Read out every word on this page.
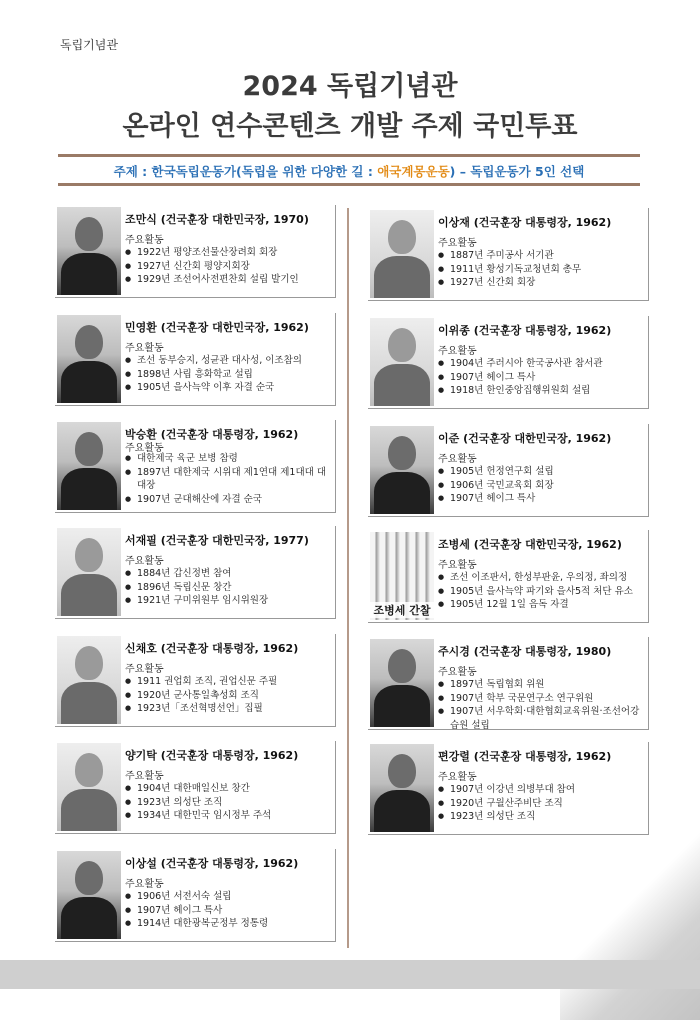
독립기념관
2024 독립기념관
온라인 연수콘텐츠 개발 주제 국민투표
주제 : 한국독립운동가(독립을 위한 다양한 길 : 애국계몽운동) – 독립운동가 5인 선택
조만식 (건국훈장 대한민국장, 1970)
주요활동
● 1922년 평양조선물산장려회 회장
● 1927년 신간회 평양지회장
● 1929년 조선어사전편찬회 설립 발기인
민영환 (건국훈장 대한민국장, 1962)
주요활동
● 조선 동부승지, 성균관 대사성, 이조참의
● 1898년 사립 흥화학교 설립
● 1905년 을사늑약 이후 자결 순국
박승환 (건국훈장 대통령장, 1962)
주요활동
● 대한제국 육군 보병 참령
● 1897년 대한제국 시위대 제1연대 제1대대 대대장
● 1907년 군대해산에 자결 순국
서재필 (건국훈장 대한민국장, 1977)
주요활동
● 1884년 갑신정변 참여
● 1896년 독립신문 창간
● 1921년 구미위원부 임시위원장
신채호 (건국훈장 대통령장, 1962)
주요활동
● 1911 권업회 조직, 권업신문 주필
● 1920년 군사통일촉성회 조직
● 1923년「조선혁명선언」집필
양기탁 (건국훈장 대통령장, 1962)
주요활동
● 1904년 대한매일신보 창간
● 1923년 의성단 조직
● 1934년 대한민국 임시정부 주석
이상설 (건국훈장 대통령장, 1962)
주요활동
● 1906년 서전서숙 설립
● 1907년 헤이그 특사
● 1914년 대한광복군정부 정통령
이상재 (건국훈장 대통령장, 1962)
주요활동
● 1887년 주미공사 서기관
● 1911년 황성기독교청년회 총무
● 1927년 신간회 회장
이위종 (건국훈장 대통령장, 1962)
주요활동
● 1904년 주러시아 한국공사관 참서관
● 1907년 헤이그 특사
● 1918년 한인중앙집행위원회 설립
이준 (건국훈장 대한민국장, 1962)
주요활동
● 1905년 헌정연구회 설립
● 1906년 국민교육회 회장
● 1907년 헤이그 특사
조병세 간찰
조병세 (건국훈장 대한민국장, 1962)
주요활동
● 조선 이조판서, 한성부판윤, 우의정, 좌의정
● 1905년 을사늑약 파기와 을사5적 처단 유소
● 1905년 12월 1일 음독 자결
주시경 (건국훈장 대통령장, 1980)
주요활동
● 1897년 독립협회 위원
● 1907년 학부 국문연구소 연구위원
● 1907년 서우학회·대한협회교육위원·조선어강습원 설립
편강렬 (건국훈장 대통령장, 1962)
주요활동
● 1907년 이강년 의병부대 참여
● 1920년 구월산주비단 조직
● 1923년 의성단 조직
